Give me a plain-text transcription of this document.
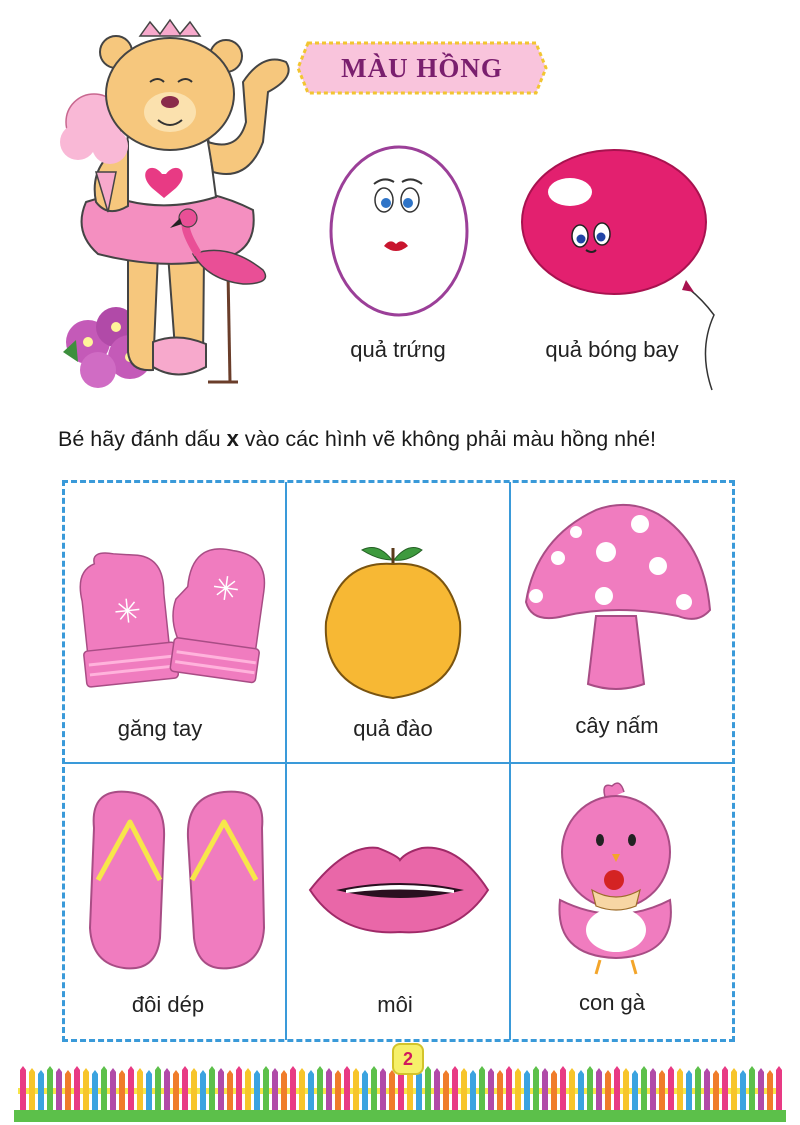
MÀU HỒNG
quả trứng	quả bóng bay
Bé hãy đánh dấu x vào các hình vẽ không phải màu hồng nhé!
găng tay	quả đào	cây nấm
đôi dép	môi	con gà
2
